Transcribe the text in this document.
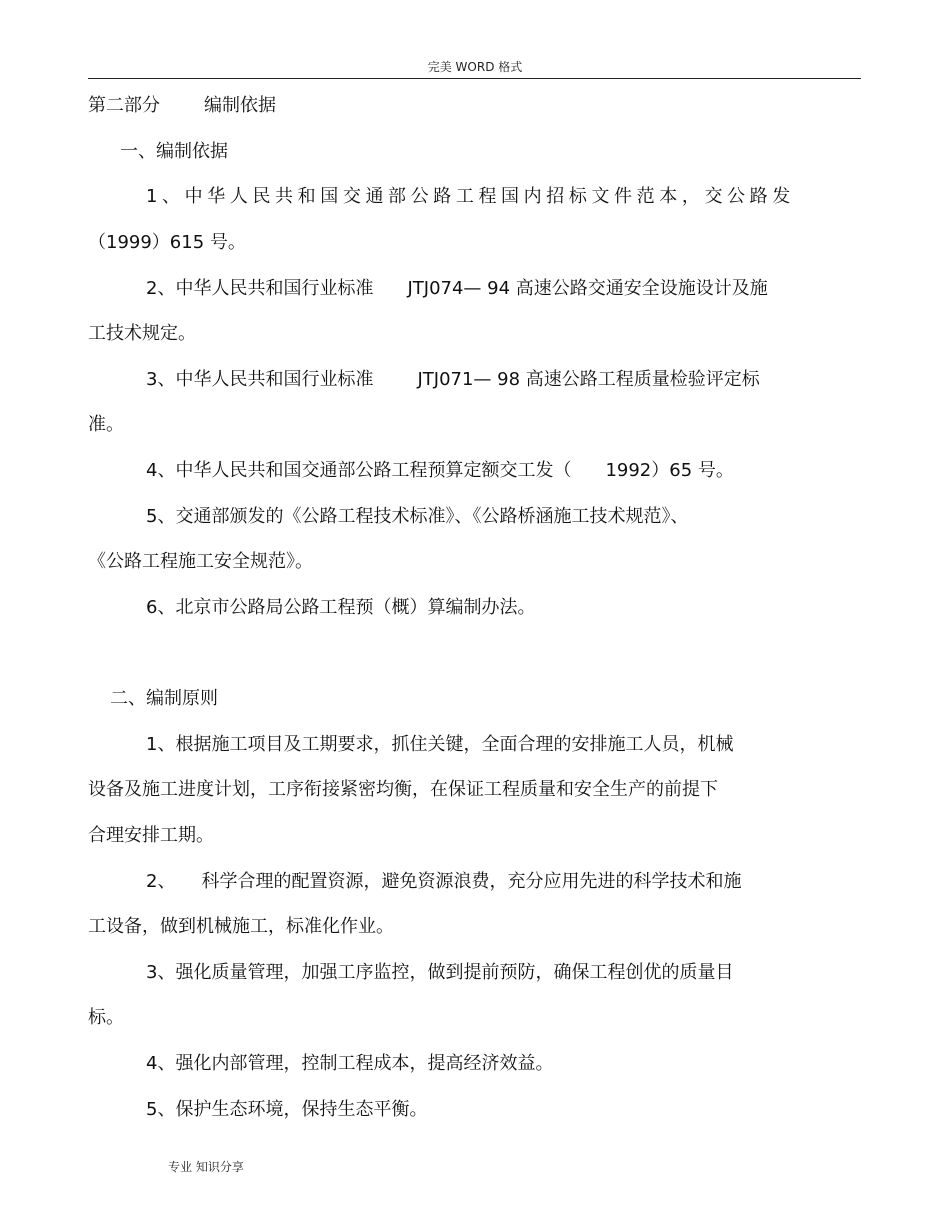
完美 WORD 格式
第二部分 编制依据
一、编制依据
1、中华人民共和国交通部公路工程国内招标文件范本，交公路发
（1999）615 号。
2、中华人民共和国行业标准 JTJ074— 94 高速公路交通安全设施设计及施
工技术规定。
3、中华人民共和国行业标准 JTJ071— 98 高速公路工程质量检验评定标
准。
4、中华人民共和国交通部公路工程预算定额交工发（ 1992）65 号。
5、交通部颁发的《公路工程技术标准》、《公路桥涵施工技术规范》、
《公路工程施工安全规范》。
6、北京市公路局公路工程预（概）算编制办法。
二、编制原则
1、根据施工项目及工期要求，抓住关键，全面合理的安排施工人员，机械
设备及施工进度计划，工序衔接紧密均衡，在保证工程质量和安全生产的前提下
合理安排工期。
2、 科学合理的配置资源，避免资源浪费，充分应用先进的科学技术和施
工设备，做到机械施工，标准化作业。
3、强化质量管理，加强工序监控，做到提前预防，确保工程创优的质量目
标。
4、强化内部管理，控制工程成本，提高经济效益。
5、保护生态环境，保持生态平衡。
专业 知识分享
